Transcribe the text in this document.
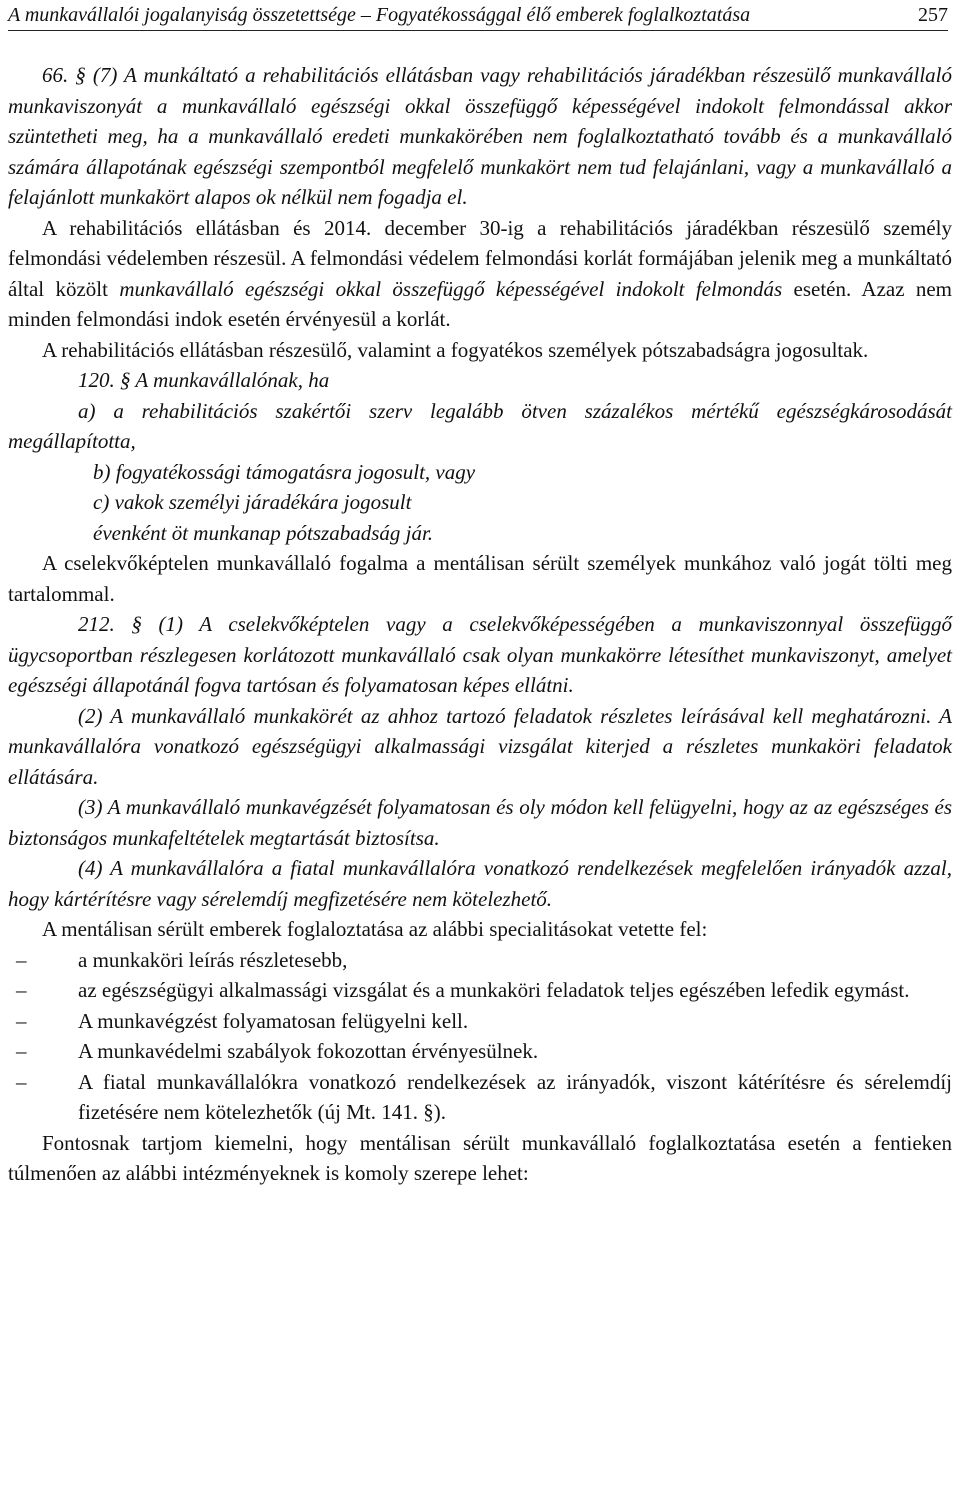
A munkavállalói jogalanyiság összetettsége – Fogyatékossággal élő emberek foglalkoztatása	257

66. § (7) A munkáltató a rehabilitációs ellátásban vagy rehabilitációs járadékban részesülő munkavállaló munkaviszonyát a munkavállaló egészségi okkal összefüggő képességével indokolt felmondással akkor szüntetheti meg, ha a munkavállaló eredeti munkakörében nem foglalkoztatható tovább és a munkavállaló számára állapotának egészségi szempontból megfelelő munkakört nem tud felajánlani, vagy a munkavállaló a felajánlott munkakört alapos ok nélkül nem fogadja el.

A rehabilitációs ellátásban és 2014. december 30-ig a rehabilitációs járadékban részesülő személy felmondási védelemben részesül. A felmondási védelem felmondási korlát formájában jelenik meg a munkáltató által közölt munkavállaló egészségi okkal összefüggő képességével indokolt felmondás esetén. Azaz nem minden felmondási indok esetén érvényesül a korlát.

A rehabilitációs ellátásban részesülő, valamint a fogyatékos személyek pótszabadságra jogosultak.

120. § A munkavállalónak, ha

a) a rehabilitációs szakértői szerv legalább ötven százalékos mértékű egészségkárosodását megállapította,

b) fogyatékossági támogatásra jogosult, vagy

c) vakok személyi járadékára jogosult

évenként öt munkanap pótszabadság jár.

A cselekvőképtelen munkavállaló fogalma a mentálisan sérült személyek munkához való jogát tölti meg tartalommal.

212. § (1) A cselekvőképtelen vagy a cselekvőképességében a munkaviszonnyal összefüggő ügycsoportban részlegesen korlátozott munkavállaló csak olyan munkakörre létesíthet munkaviszonyt, amelyet egészségi állapotánál fogva tartósan és folyamatosan képes ellátni.

(2) A munkavállaló munkakörét az ahhoz tartozó feladatok részletes leírásával kell meghatározni. A munkavállalóra vonatkozó egészségügyi alkalmassági vizsgálat kiterjed a részletes munkaköri feladatok ellátására.

(3) A munkavállaló munkavégzését folyamatosan és oly módon kell felügyelni, hogy az az egészséges és biztonságos munkafeltételek megtartását biztosítsa.

(4) A munkavállalóra a fiatal munkavállalóra vonatkozó rendelkezések megfelelően irányadók azzal, hogy kártérítésre vagy sérelemdíj megfizetésére nem kötelezhető.

A mentálisan sérült emberek foglaloztatása az alábbi specialitásokat vetette fel:

– a munkaköri leírás részletesebb,
– az egészségügyi alkalmassági vizsgálat és a munkaköri feladatok teljes egészében lefedik egymást.
– A munkavégzést folyamatosan felügyelni kell.
– A munkavédelmi szabályok fokozottan érvényesülnek.
– A fiatal munkavállalókra vonatkozó rendelkezések az irányadók, viszont kátérítésre és sérelemdíj fizetésére nem kötelezhetők (új Mt. 141. §).

Fontosnak tartjom kiemelni, hogy mentálisan sérült munkavállaló foglalkoztatása esetén a fentieken túlmenően az alábbi intézményeknek is komoly szerepe lehet:
